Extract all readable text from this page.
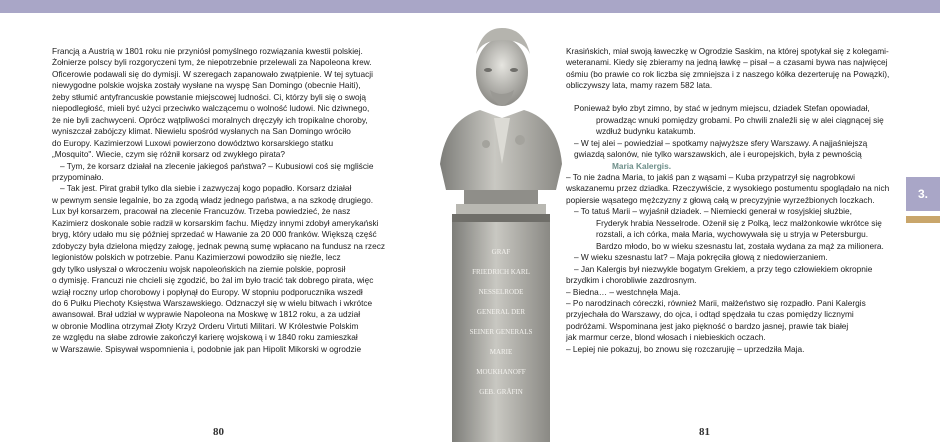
Francją a Austrią w 1801 roku nie przyniósł pomyślnego rozwiązania kwestii polskiej.

Żołnierze polscy byli rozgoryczeni tym, że niepotrzebnie przelewali za Napoleona krew.

Oficerowie podawali się do dymisji. W szeregach zapanowało zwątpienie. W tej sytuacji

niewygodne polskie wojska zostały wysłane na wyspę San Domingo (obecnie Haiti),

żeby stłumić antyfrancuskie powstanie miejscowej ludności. Ci, którzy byli się o swoją

niepodległość, mieli być użyci przeciwko walczącemu o wolność ludowi. Nic dziwnego,

że nie byli zachwyceni. Oprócz wątpliwości moralnych dręczyły ich tropikalne choroby,

wyniszczał zabójczy klimat. Niewielu spośród wysłanych na San Domingo wróciło

do Europy. Kazimierzowi Luxowi powierzono dowództwo korsarskiego statku

„Mosquito". Wiecie, czym się różnił korsarz od zwykłego pirata?

– Tym, że korsarz działał na zlecenie jakiegoś państwa? – Kubusiowi coś się mgliście

przypominało.

– Tak jest. Pirat grabił tylko dla siebie i zazwyczaj kogo popadło. Korsarz działał

w pewnym sensie legalnie, bo za zgodą władz jednego państwa, a na szkodę drugiego.

Lux był korsarzem, pracował na zlecenie Francuzów. Trzeba powiedzieć, że nasz

Kazimierz doskonale sobie radził w korsarskim fachu. Między innymi zdobył amerykański

bryg, który udało mu się później sprzedać w Hawanie za 20 000 franków. Większą część

zdobyczy była dzielona między załogę, jednak pewną sumę wpłacano na fundusz na rzecz

legionistów polskich w potrzebie. Panu Kazimierzowi powodziło się nieźle, lecz

gdy tylko usłyszał o wkroczeniu wojsk napoleońskich na ziemie polskie, poprosił

o dymisję. Francuzi nie chcieli się zgodzić, bo żal im było tracić tak dobrego pirata, więc

wziął roczny urlop chorobowy i popłynął do Europy. W stopniu podporucznika wszedł

do 6 Pułku Piechoty Księstwa Warszawskiego. Odznaczył się w wielu bitwach i wkrótce

awansował. Brał udział w wyprawie Napoleona na Moskwę w 1812 roku, a za udział

w obronie Modlina otrzymał Złoty Krzyż Orderu Virtuti Militari. W Królestwie Polskim

ze względu na słabe zdrowie zakończył karierę wojskową i w 1840 roku zamieszkał

w Warszawie. Spisywał wspomnienia i, podobnie jak pan Hipolit Mikorski w ogrodzie

GRAF
FRIEDRICH KARL
NESSELRODE
GENERAL DER
SEINER GENERALS
MARIE
MOUKHANOFF
GEB. GRÄFIN

Krasińskich, miał swoją ławeczkę w Ogrodzie Saskim, na której spotykał się z kolegami-

weteranami. Kiedy się zbieramy na jedną ławkę – pisał – a czasami bywa nas najwięcej

ośmiu (bo prawie co rok liczba się zmniejsza i z naszego kółka dezerteruję na Powązki),

obliczywszy lata, mamy razem 582 lata.

Ponieważ było zbyt zimno, by stać w jednym miejscu, dziadek Stefan opowiadał,

prowadząc wnuki pomiędzy grobami. Po chwili znaleźli się w alei ciągnącej się

wzdłuż budynku katakumb.

– W tej alei – powiedział – spotkamy najwyższe sfery Warszawy. A najjaśniejszą

gwiazdą salonów, nie tylko warszawskich, ale i europejskich, była z pewnością

Maria Kalergis.

– To nie żadna Maria, to jakiś pan z wąsami – Kuba przypatrzył się nagrobkowi

wskazanemu przez dziadka. Rzeczywiście, z wysokiego postumentu spoglądało na nich

popiersie wąsatego mężczyzny z głową całą w precyzyjnie wyrzeźbionych loczkach.

– To tatuś Marii – wyjaśnił dziadek. – Niemiecki generał w rosyjskiej służbie,

Fryderyk hrabia Nesselrode. Ożenił się z Polką, lecz małżonkowie wkrótce się

rozstali, a ich córka, mała Maria, wychowywała się u stryja w Petersburgu.

Bardzo młodo, bo w wieku szesnastu lat, została wydana za mąż za milionera.

– W wieku szesnastu lat? – Maja pokręciła głową z niedowierzaniem.

– Jan Kalergis był niezwykle bogatym Grekiem, a przy tego człowiekiem okropnie

brzydkim i chorobliwie zazdrosnym.

– Biedna… – westchnęła Maja.

– Po narodzinach córeczki, również Marii, małżeństwo się rozpadło. Pani Kalergis

przyjechała do Warszawy, do ojca, i odtąd spędzała tu czas pomiędzy licznymi

podróżami. Wspominana jest jako piękność o bardzo jasnej, prawie tak białej

jak marmur cerze, blond włosach i niebieskich oczach.

– Lepiej nie pokazuj, bo znowu się rozczarujię – uprzedziła Maja.

80	81
3.
